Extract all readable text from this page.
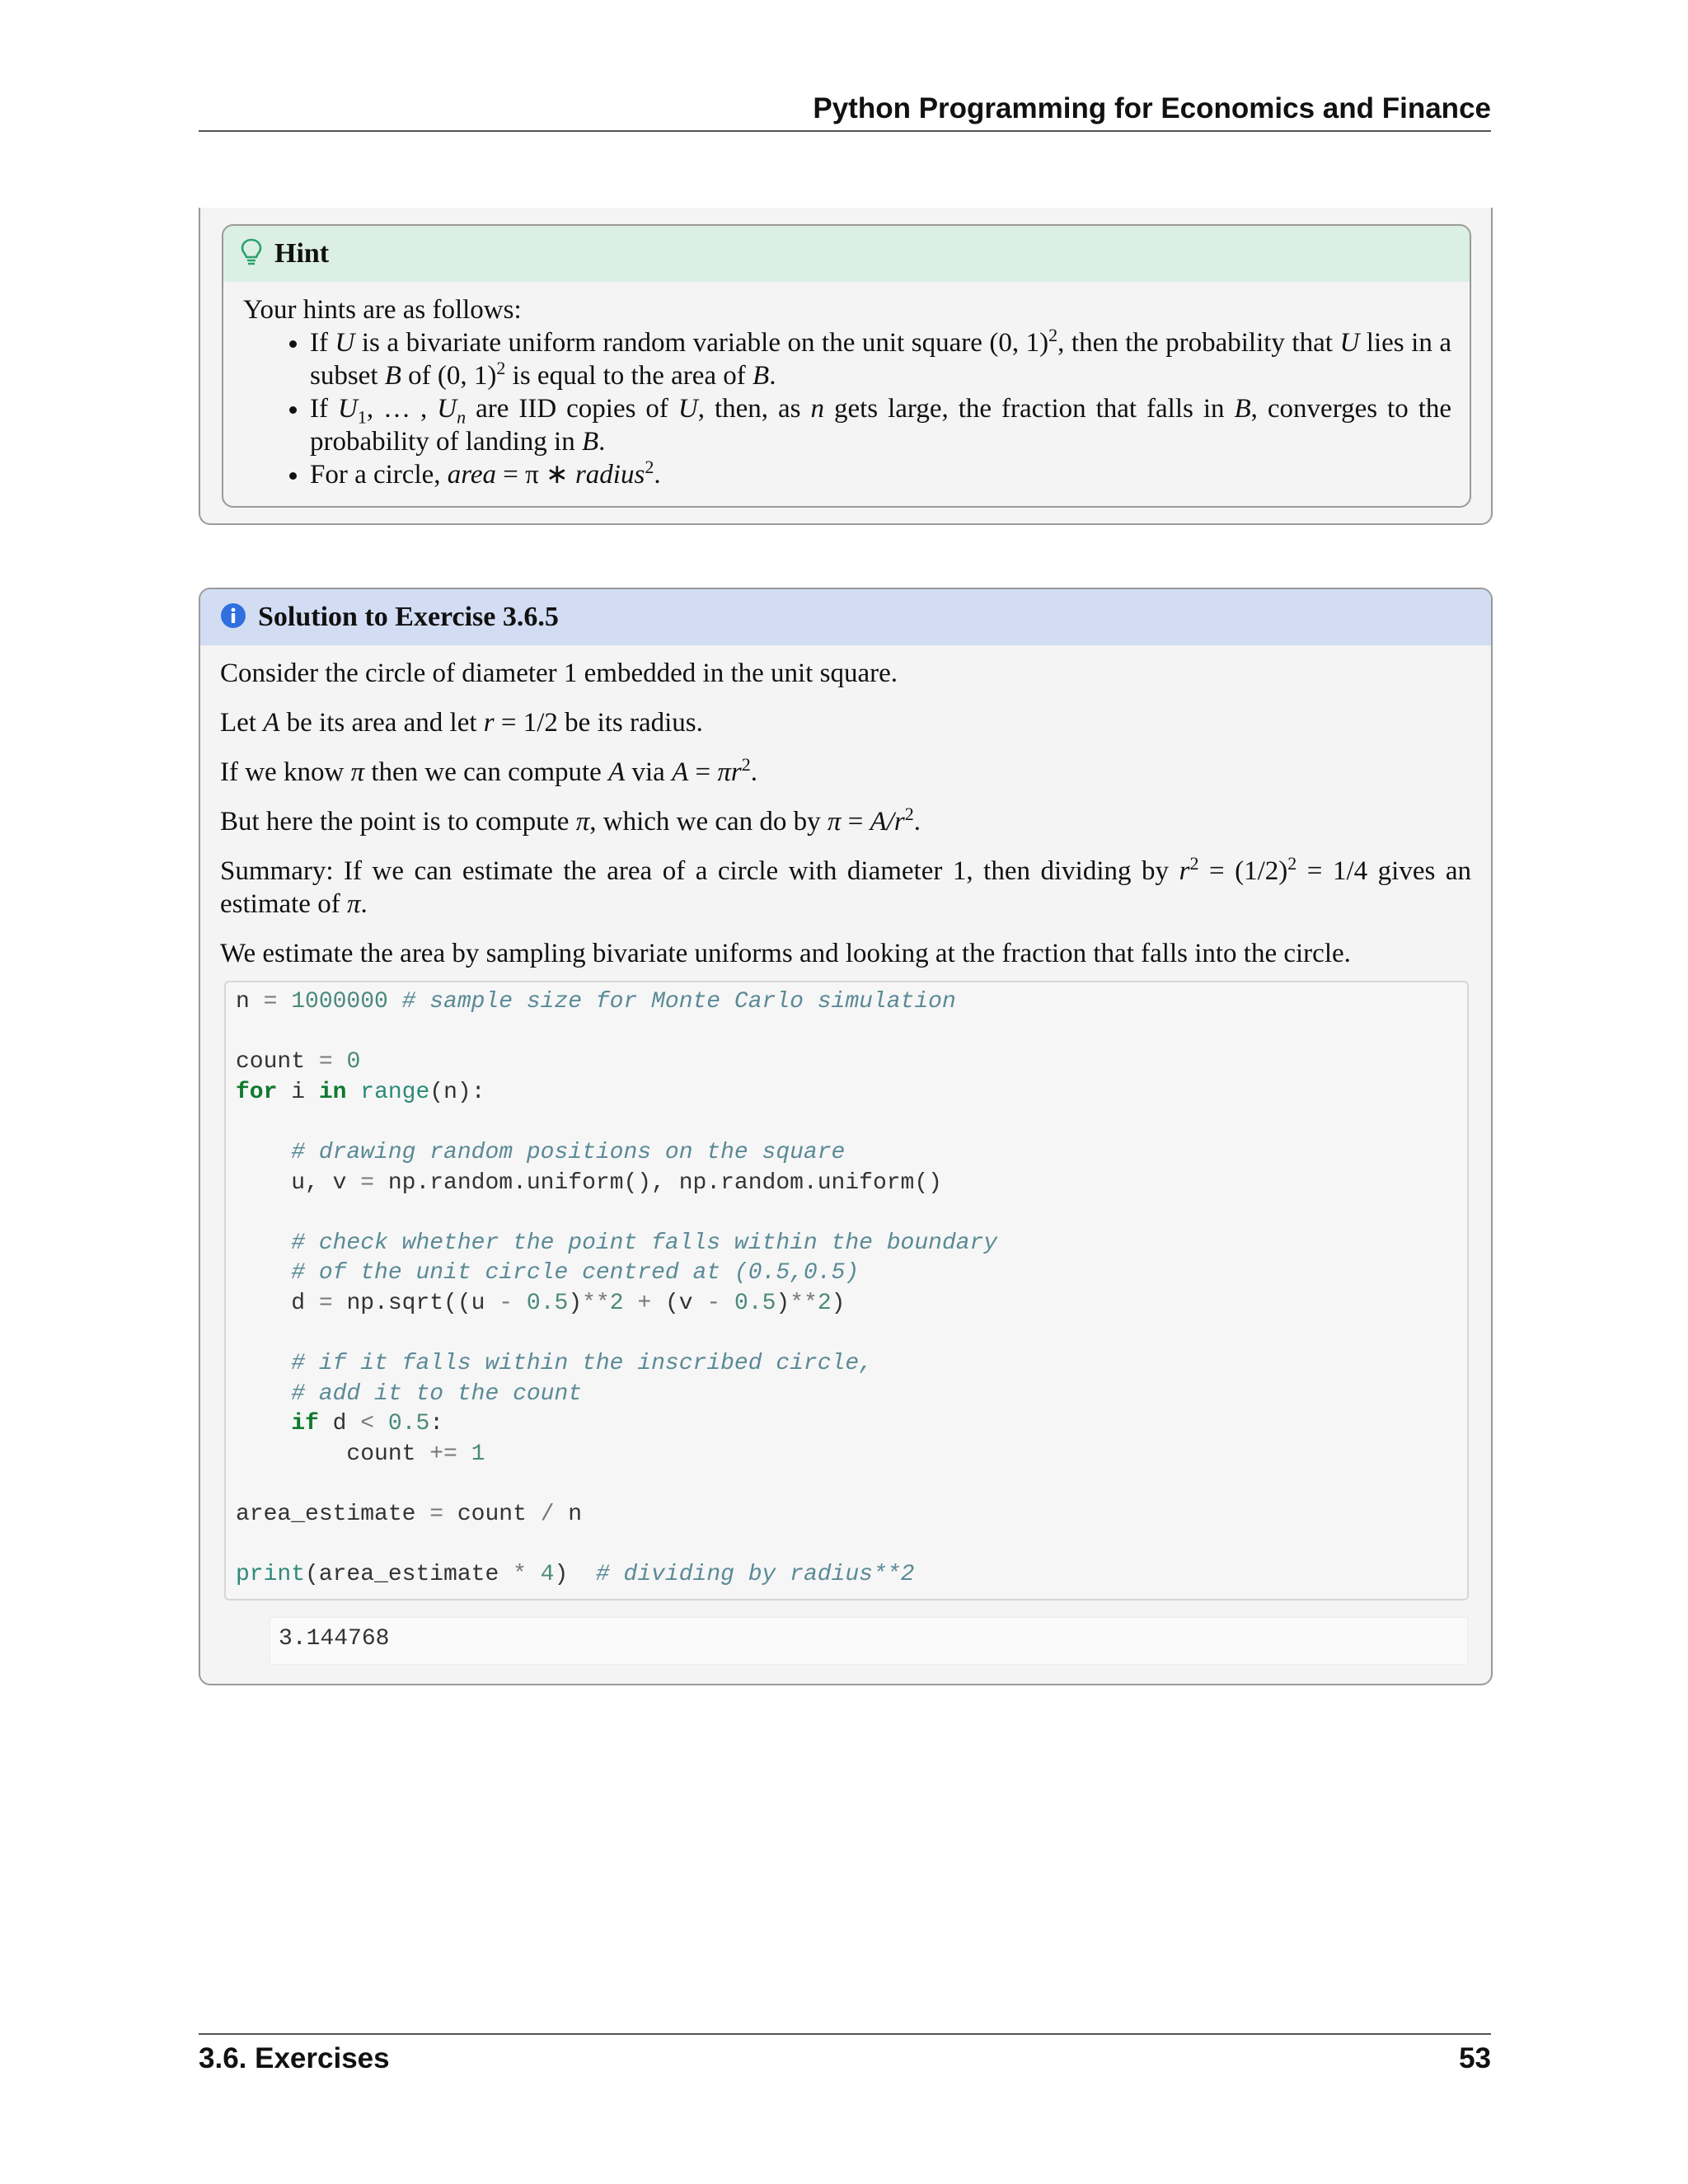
Python Programming for Economics and Finance
Hint
Your hints are as follows:
• If U is a bivariate uniform random variable on the unit square (0, 1)$^2$, then the probability that U lies in a subset B of (0, 1)$^2$ is equal to the area of B.
• If $U_1$, … , $U_n$ are IID copies of U, then, as n gets large, the fraction that falls in B, converges to the probability of landing in B.
• For a circle, area = π ∗ radius$^2$.
Solution to Exercise 3.6.5

Consider the circle of diameter 1 embedded in the unit square.

Let A be its area and let r = 1/2 be its radius.

If we know π then we can compute A via $A = \pi r^2$.

But here the point is to compute π, which we can do by $\pi = A/r^2$.

Summary: If we can estimate the area of a circle with diameter 1, then dividing by $r^2 = (1/2)^2 = 1/4$ gives an estimate of π.

We estimate the area by sampling bivariate uniforms and looking at the fraction that falls into the circle.

n = 1000000 # sample size for Monte Carlo simulation
count = 0
for i in range(n):
# drawing random positions on the square
u, v = np.random.uniform(), np.random.uniform()
# check whether the point falls within the boundary
# of the unit circle centred at (0.5,0.5)
d = np.sqrt((u - 0.5)**2 + (v - 0.5)**2)
# if it falls within the inscribed circle,
# add it to the count
if d < 0.5:
count += 1
area_estimate = count / n
print(area_estimate * 4)  # dividing by radius**2
3.144768
3.6. Exercises	53
